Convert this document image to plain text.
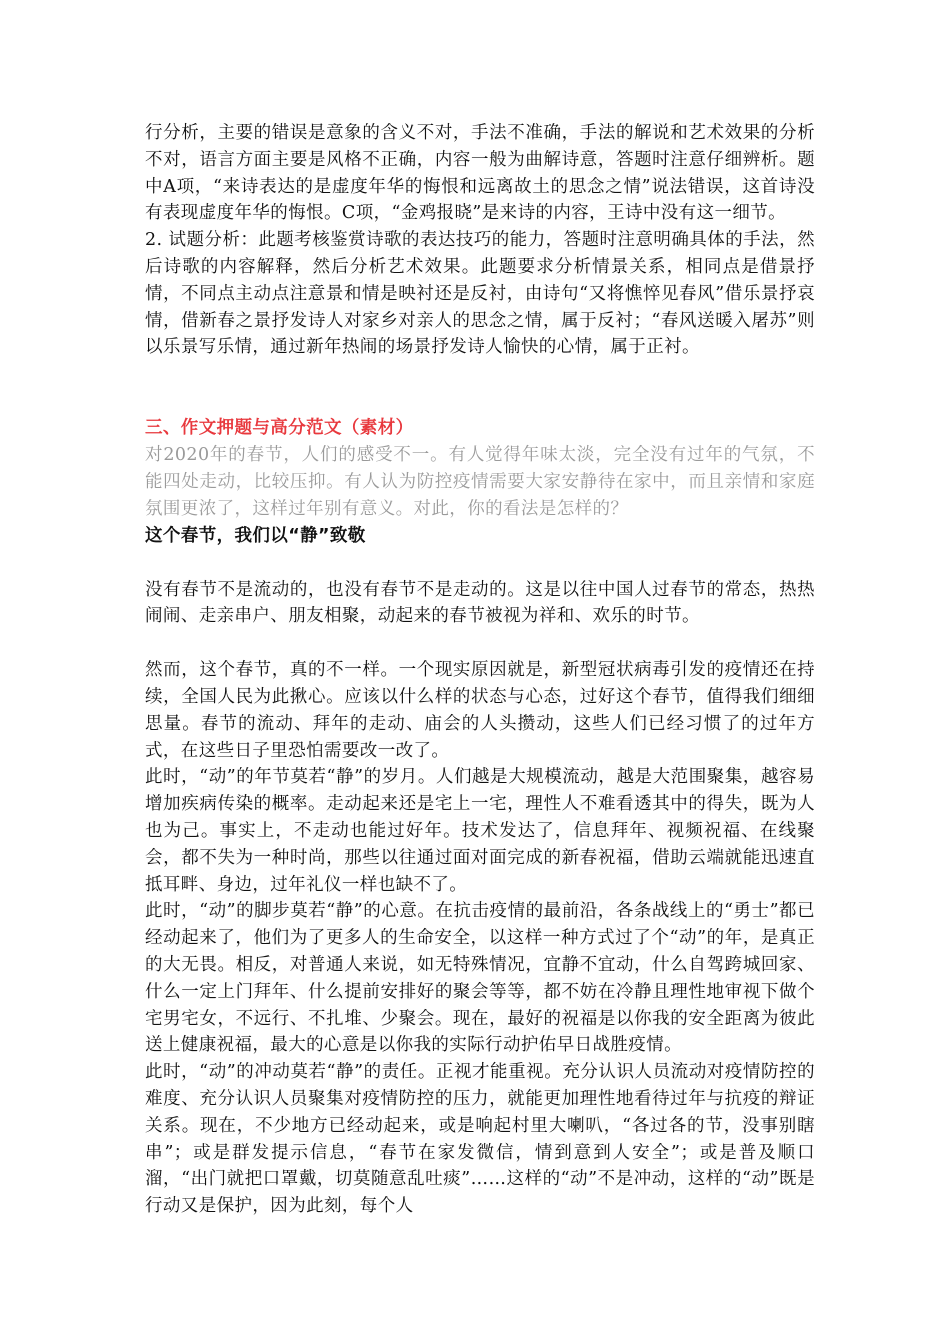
行分析，主要的错误是意象的含义不对，手法不准确，手法的解说和艺术效果的分析不对，语言方面主要是风格不正确，内容一般为曲解诗意，答题时注意仔细辨析。题中A项，“来诗表达的是虚度年华的悔恨和远离故土的思念之情”说法错误，这首诗没有表现虚度年华的悔恨。C项，“金鸡报晓”是来诗的内容，王诗中没有这一细节。

2. 试题分析：此题考核鉴赏诗歌的表达技巧的能力，答题时注意明确具体的手法，然后诗歌的内容解释，然后分析艺术效果。此题要求分析情景关系，相同点是借景抒情，不同点主动点注意景和情是映衬还是反衬，由诗句“又将憔悴见春风”借乐景抒哀情，借新春之景抒发诗人对家乡对亲人的思念之情，属于反衬；“春风送暖入屠苏”则以乐景写乐情，通过新年热闹的场景抒发诗人愉快的心情，属于正衬。

三、作文押题与高分范文（素材）

对2020年的春节，人们的感受不一。有人觉得年味太淡，完全没有过年的气氛，不能四处走动，比较压抑。有人认为防控疫情需要大家安静待在家中，而且亲情和家庭氛围更浓了，这样过年别有意义。对此，你的看法是怎样的？

这个春节，我们以“静”致敬

没有春节不是流动的，也没有春节不是走动的。这是以往中国人过春节的常态，热热闹闹、走亲串户、朋友相聚，动起来的春节被视为祥和、欢乐的时节。

然而，这个春节，真的不一样。一个现实原因就是，新型冠状病毒引发的疫情还在持续，全国人民为此揪心。应该以什么样的状态与心态，过好这个春节，值得我们细细思量。春节的流动、拜年的走动、庙会的人头攒动，这些人们已经习惯了的过年方式，在这些日子里恐怕需要改一改了。

此时，“动”的年节莫若“静”的岁月。人们越是大规模流动，越是大范围聚集，越容易增加疾病传染的概率。走动起来还是宅上一宅，理性人不难看透其中的得失，既为人也为己。事实上，不走动也能过好年。技术发达了，信息拜年、视频祝福、在线聚会，都不失为一种时尚，那些以往通过面对面完成的新春祝福，借助云端就能迅速直抵耳畔、身边，过年礼仪一样也缺不了。

此时，“动”的脚步莫若“静”的心意。在抗击疫情的最前沿，各条战线上的“勇士”都已经动起来了，他们为了更多人的生命安全，以这样一种方式过了个“动”的年，是真正的大无畏。相反，对普通人来说，如无特殊情况，宜静不宜动，什么自驾跨城回家、什么一定上门拜年、什么提前安排好的聚会等等，都不妨在冷静且理性地审视下做个宅男宅女，不远行、不扎堆、少聚会。现在，最好的祝福是以你我的安全距离为彼此送上健康祝福，最大的心意是以你我的实际行动护佑早日战胜疫情。

此时，“动”的冲动莫若“静”的责任。正视才能重视。充分认识人员流动对疫情防控的难度、充分认识人员聚集对疫情防控的压力，就能更加理性地看待过年与抗疫的辩证关系。现在，不少地方已经动起来，或是响起村里大喇叭，“各过各的节，没事别瞎串”；或是群发提示信息，“春节在家发微信，情到意到人安全”；或是普及顺口溜，“出门就把口罩戴，切莫随意乱吐痰”……这样的“动”不是冲动，这样的“动”既是行动又是保护，因为此刻，每个人
